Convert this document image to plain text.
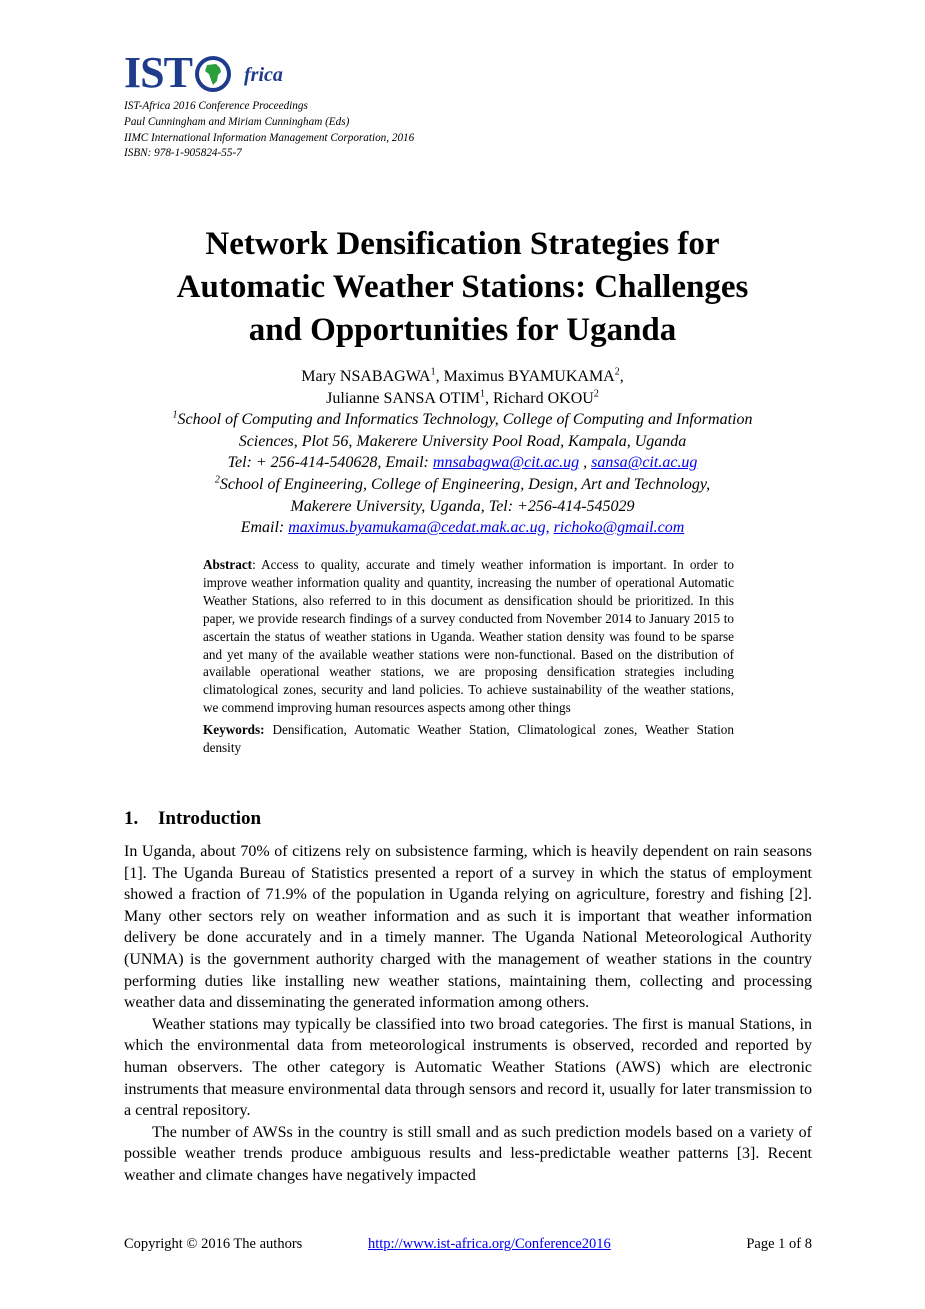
IST	frica
IST-Africa 2016 Conference Proceedings
Paul Cunningham and Miriam Cunningham (Eds)
IIMC International Information Management Corporation, 2016
ISBN: 978-1-905824-55-7
Network Densification Strategies for
Automatic Weather Stations: Challenges
and Opportunities for Uganda
Mary NSABAGWA$^1$, Maximus BYAMUKAMA$^2$,
Julianne SANSA OTIM$^1$, Richard OKOU$^2$
$^1$School of Computing and Informatics Technology, College of Computing and Information
Sciences, Plot 56, Makerere University Pool Road, Kampala, Uganda
Tel: + 256-414-540628, Email: mnsabagwa@cit.ac.ug , sansa@cit.ac.ug
$^2$School of Engineering, College of Engineering, Design, Art and Technology,
Makerere University, Uganda, Tel: +256-414-545029
Email: maximus.byamukama@cedat.mak.ac.ug, richoko@gmail.com
Abstract: Access to quality, accurate and timely weather information is important. In order to improve weather information quality and quantity, increasing the number of operational Automatic Weather Stations, also referred to in this document as densification should be prioritized. In this paper, we provide research findings of a survey conducted from November 2014 to January 2015 to ascertain the status of weather stations in Uganda. Weather station density was found to be sparse and yet many of the available weather stations were non-functional. Based on the distribution of available operational weather stations, we are proposing densification strategies including climatological zones, security and land policies. To achieve sustainability of the weather stations, we commend improving human resources aspects among other things
Keywords: Densification, Automatic Weather Station, Climatological zones, Weather Station density
1. Introduction

In Uganda, about 70% of citizens rely on subsistence farming, which is heavily dependent on rain seasons [1]. The Uganda Bureau of Statistics presented a report of a survey in which the status of employment showed a fraction of 71.9% of the population in Uganda relying on agriculture, forestry and fishing [2]. Many other sectors rely on weather information and as such it is important that weather information delivery be done accurately and in a timely manner. The Uganda National Meteorological Authority (UNMA) is the government authority charged with the management of weather stations in the country performing duties like installing new weather stations, maintaining them, collecting and processing weather data and disseminating the generated information among others.

Weather stations may typically be classified into two broad categories. The first is manual Stations, in which the environmental data from meteorological instruments is observed, recorded and reported by human observers. The other category is Automatic Weather Stations (AWS) which are electronic instruments that measure environmental data through sensors and record it, usually for later transmission to a central repository.

The number of AWSs in the country is still small and as such prediction models based on a variety of possible weather trends produce ambiguous results and less-predictable weather patterns [3]. Recent weather and climate changes have negatively impacted

Copyright © 2016 The authors	http://www.ist-africa.org/Conference2016	Page 1 of 8
